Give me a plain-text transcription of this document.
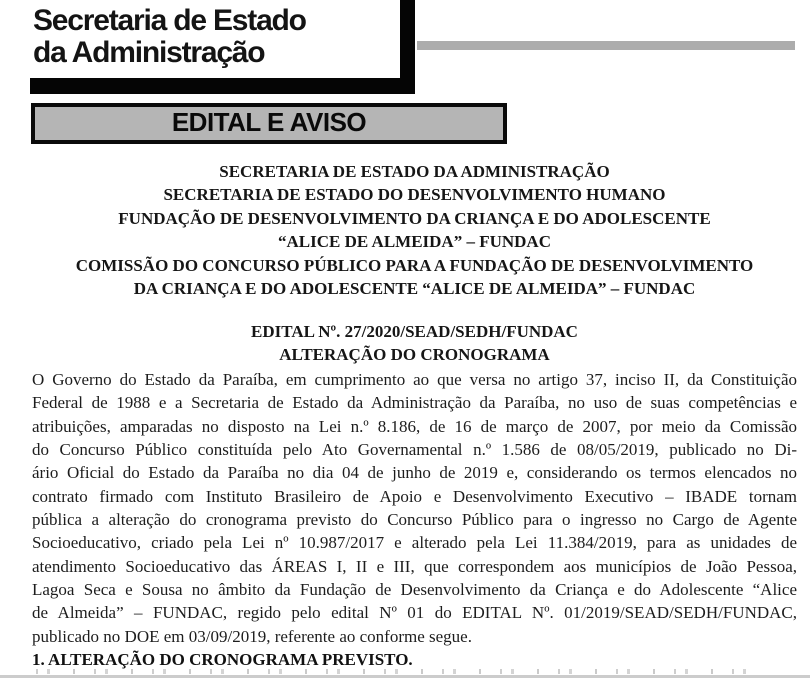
Secretaria de Estado
da Administração
EDITAL E AVISO
SECRETARIA DE ESTADO DA ADMINISTRAÇÃO
SECRETARIA DE ESTADO DO DESENVOLVIMENTO HUMANO
FUNDAÇÃO DE DESENVOLVIMENTO DA CRIANÇA E DO ADOLESCENTE
“ALICE DE ALMEIDA” – FUNDAC
COMISSÃO DO CONCURSO PÚBLICO PARA A FUNDAÇÃO DE DESENVOLVIMENTO
DA CRIANÇA E DO ADOLESCENTE “ALICE DE ALMEIDA” – FUNDAC
EDITAL Nº. 27/2020/SEAD/SEDH/FUNDAC
ALTERAÇÃO DO CRONOGRAMA
O Governo do Estado da Paraíba, em cumprimento ao que versa no artigo 37, inciso II, da Constituição
Federal de 1988 e a Secretaria de Estado da Administração da Paraíba, no uso de suas competências e
atribuições, amparadas no disposto na Lei n.º 8.186, de 16 de março de 2007, por meio da Comissão
do Concurso Público constituída pelo Ato Governamental n.º 1.586 de 08/05/2019, publicado no Di-
ário Oficial do Estado da Paraíba no dia 04 de junho de 2019 e, considerando os termos elencados no
contrato firmado com Instituto Brasileiro de Apoio e Desenvolvimento Executivo – IBADE tornam
pública a alteração do cronograma previsto do Concurso Público para o ingresso no Cargo de Agente
Socioeducativo, criado pela Lei nº 10.987/2017 e alterado pela Lei 11.384/2019, para as unidades de
atendimento Socioeducativo das ÁREAS I, II e III, que correspondem aos municípios de João Pessoa,
Lagoa Seca e Sousa no âmbito da Fundação de Desenvolvimento da Criança e do Adolescente “Alice
de Almeida” – FUNDAC, regido pelo edital Nº 01 do EDITAL Nº. 01/2019/SEAD/SEDH/FUNDAC,
publicado no DOE em 03/09/2019, referente ao conforme segue.
1. ALTERAÇÃO DO CRONOGRAMA PREVISTO.
